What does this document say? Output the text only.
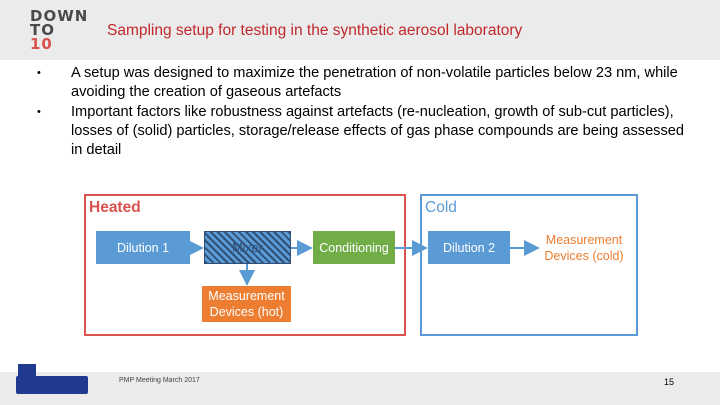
DOWN
TO
10
Sampling setup for testing in the synthetic aerosol laboratory
•	A setup was designed to maximize the penetration of non-volatile particles below 23 nm, while avoiding the creation of gaseous artefacts
•	Important factors like robustness against artefacts (re-nucleation, growth of sub-cut particles), losses of (solid) particles, storage/release effects of gas phase compounds are being assessed in detail
Heated	Cold
Dilution 1	Mixer	Conditioning	Dilution 2
Measurement Devices (cold)
Measurement Devices (hot)
PMP Meeting March 2017	15
